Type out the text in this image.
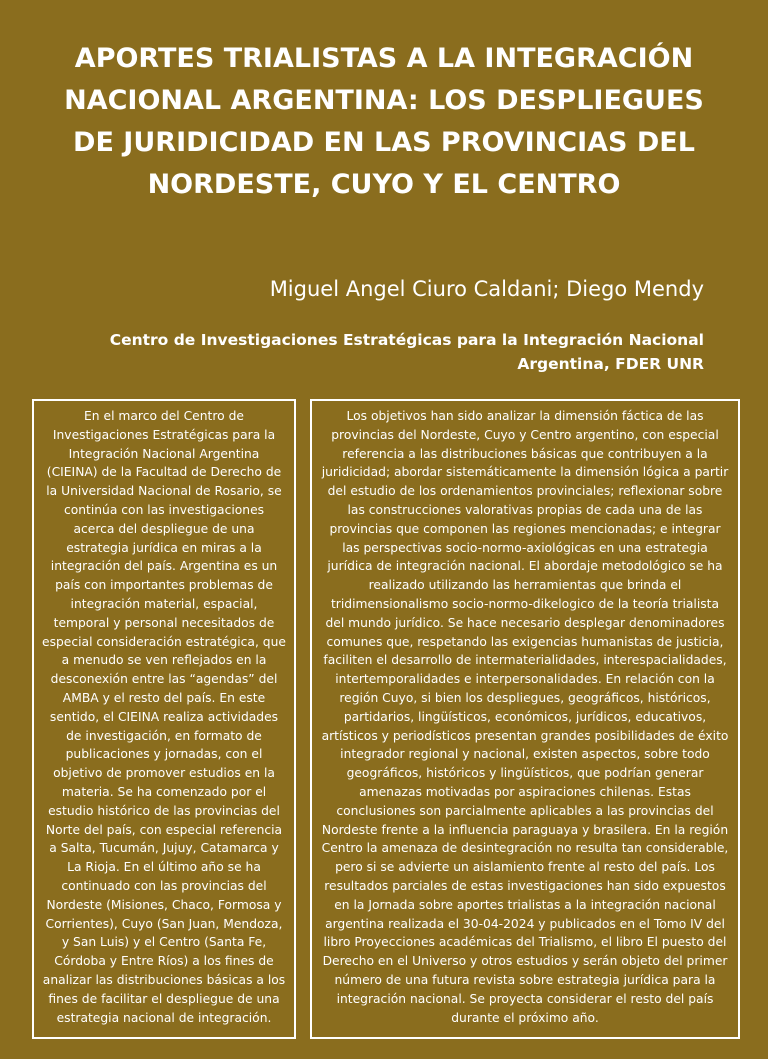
APORTES TRIALISTAS A LA INTEGRACIÓN NACIONAL ARGENTINA: LOS DESPLIEGUES DE JURIDICIDAD EN LAS PROVINCIAS DEL NORDESTE, CUYO Y EL CENTRO
Miguel Angel Ciuro Caldani; Diego Mendy
Centro de Investigaciones Estratégicas para la Integración Nacional Argentina, FDER UNR

En el marco del Centro de Investigaciones Estratégicas para la Integración Nacional Argentina (CIEINA) de la Facultad de Derecho de la Universidad Nacional de Rosario, se continúa con las investigaciones acerca del despliegue de una estrategia jurídica en miras a la integración del país. Argentina es un país con importantes problemas de integración material, espacial, temporal y personal necesitados de especial consideración estratégica, que a menudo se ven reflejados en la desconexión entre las “agendas” del AMBA y el resto del país. En este sentido, el CIEINA realiza actividades de investigación, en formato de publicaciones y jornadas, con el objetivo de promover estudios en la materia. Se ha comenzado por el estudio histórico de las provincias del Norte del país, con especial referencia a Salta, Tucumán, Jujuy, Catamarca y La Rioja. En el último año se ha continuado con las provincias del Nordeste (Misiones, Chaco, Formosa y Corrientes), Cuyo (San Juan, Mendoza, y San Luis) y el Centro (Santa Fe, Córdoba y Entre Ríos) a los fines de analizar las distribuciones básicas a los fines de facilitar el despliegue de una estrategia nacional de integración.

Los objetivos han sido analizar la dimensión fáctica de las provincias del Nordeste, Cuyo y Centro argentino, con especial referencia a las distribuciones básicas que contribuyen a la juridicidad; abordar sistemáticamente la dimensión lógica a partir del estudio de los ordenamientos provinciales; reflexionar sobre las construcciones valorativas propias de cada una de las provincias que componen las regiones mencionadas; e integrar las perspectivas socio-normo-axiológicas en una estrategia jurídica de integración nacional. El abordaje metodológico se ha realizado utilizando las herramientas que brinda el tridimensionalismo socio-normo-dikelogico de la teoría trialista del mundo jurídico. Se hace necesario desplegar denominadores comunes que, respetando las exigencias humanistas de justicia, faciliten el desarrollo de intermaterialidades, interespacialidades, intertemporalidades e interpersonalidades. En relación con la región Cuyo, si bien los despliegues, geográficos, históricos, partidarios, lingüísticos, económicos, jurídicos, educativos, artísticos y periodísticos presentan grandes posibilidades de éxito integrador regional y nacional, existen aspectos, sobre todo geográficos, históricos y lingüísticos, que podrían generar amenazas motivadas por aspiraciones chilenas. Estas conclusiones son parcialmente aplicables a las provincias del Nordeste frente a la influencia paraguaya y brasilera. En la región Centro la amenaza de desintegración no resulta tan considerable, pero si se advierte un aislamiento frente al resto del país. Los resultados parciales de estas investigaciones han sido expuestos en la Jornada sobre aportes trialistas a la integración nacional argentina realizada el 30-04-2024 y publicados en el Tomo IV del libro Proyecciones académicas del Trialismo, el libro El puesto del Derecho en el Universo y otros estudios y serán objeto del primer número de una futura revista sobre estrategia jurídica para la integración nacional. Se proyecta considerar el resto del país durante el próximo año.
